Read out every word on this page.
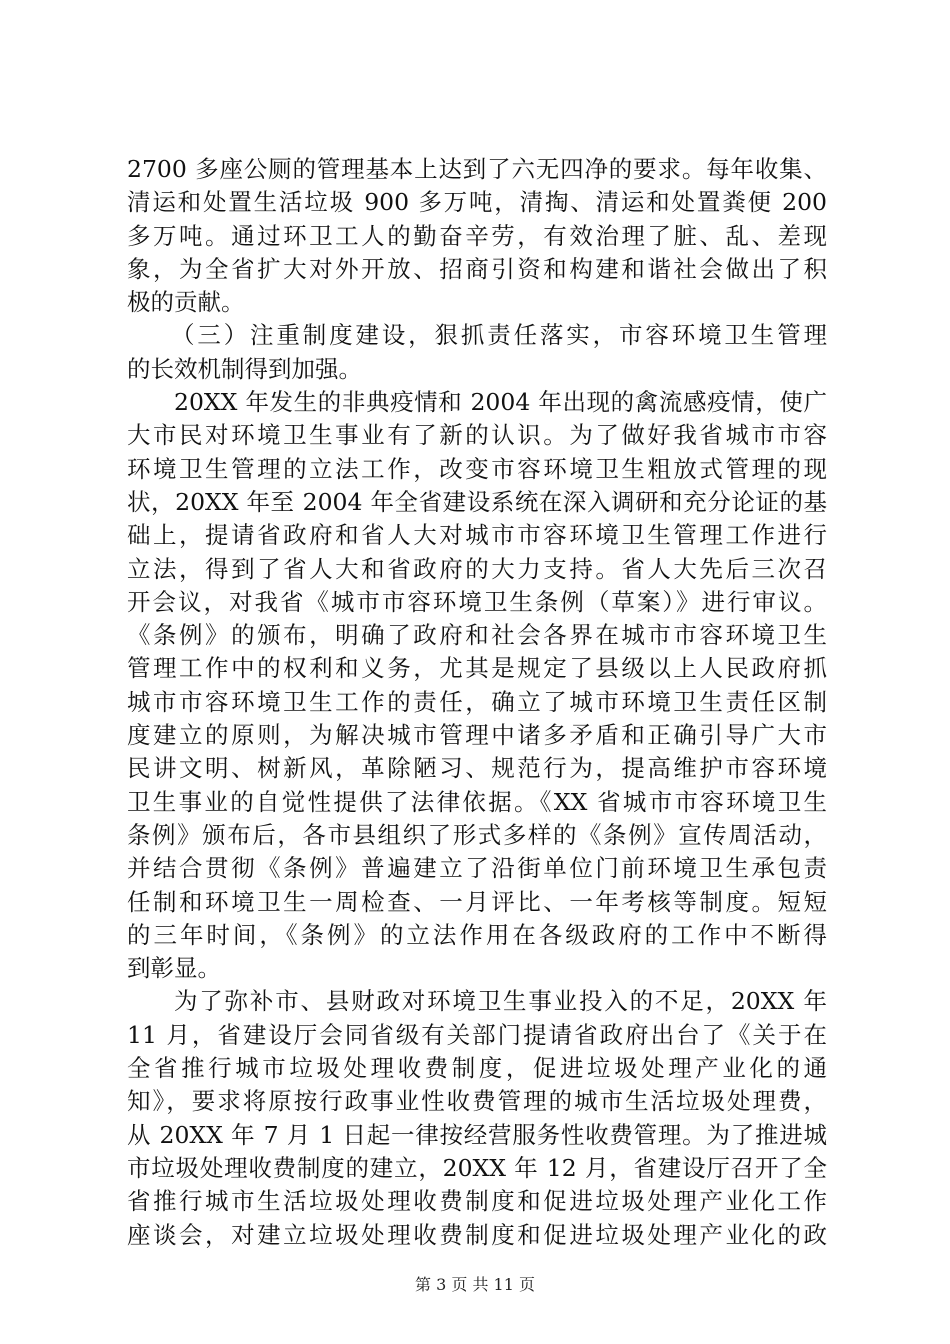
2700 多座公厕的管理基本上达到了六无四净的要求。每年收集、
清运和处置生活垃圾 900 多万吨，清掏、清运和处置粪便 200
多万吨。通过环卫工人的勤奋辛劳，有效治理了脏、乱、差现
象，为全省扩大对外开放、招商引资和构建和谐社会做出了积
极的贡献。
（三）注重制度建设，狠抓责任落实，市容环境卫生管理
的长效机制得到加强。
20XX 年发生的非典疫情和 2004 年出现的禽流感疫情，使广
大市民对环境卫生事业有了新的认识。为了做好我省城市市容
环境卫生管理的立法工作，改变市容环境卫生粗放式管理的现
状，20XX 年至 2004 年全省建设系统在深入调研和充分论证的基
础上，提请省政府和省人大对城市市容环境卫生管理工作进行
立法，得到了省人大和省政府的大力支持。省人大先后三次召
开会议，对我省《城市市容环境卫生条例（草案）》进行审议。
《条例》的颁布，明确了政府和社会各界在城市市容环境卫生
管理工作中的权利和义务，尤其是规定了县级以上人民政府抓
城市市容环境卫生工作的责任，确立了城市环境卫生责任区制
度建立的原则，为解决城市管理中诸多矛盾和正确引导广大市
民讲文明、树新风，革除陋习、规范行为，提高维护市容环境
卫生事业的自觉性提供了法律依据。《XX 省城市市容环境卫生
条例》颁布后，各市县组织了形式多样的《条例》宣传周活动，
并结合贯彻《条例》普遍建立了沿街单位门前环境卫生承包责
任制和环境卫生一周检查、一月评比、一年考核等制度。短短
的三年时间，《条例》的立法作用在各级政府的工作中不断得
到彰显。
为了弥补市、县财政对环境卫生事业投入的不足，20XX 年
11 月，省建设厅会同省级有关部门提请省政府出台了《关于在
全省推行城市垃圾处理收费制度，促进垃圾处理产业化的通
知》，要求将原按行政事业性收费管理的城市生活垃圾处理费，
从 20XX 年 7 月 1 日起一律按经营服务性收费管理。为了推进城
市垃圾处理收费制度的建立，20XX 年 12 月，省建设厅召开了全
省推行城市生活垃圾处理收费制度和促进垃圾处理产业化工作
座谈会，对建立垃圾处理收费制度和促进垃圾处理产业化的政
第 3 页 共 11 页
